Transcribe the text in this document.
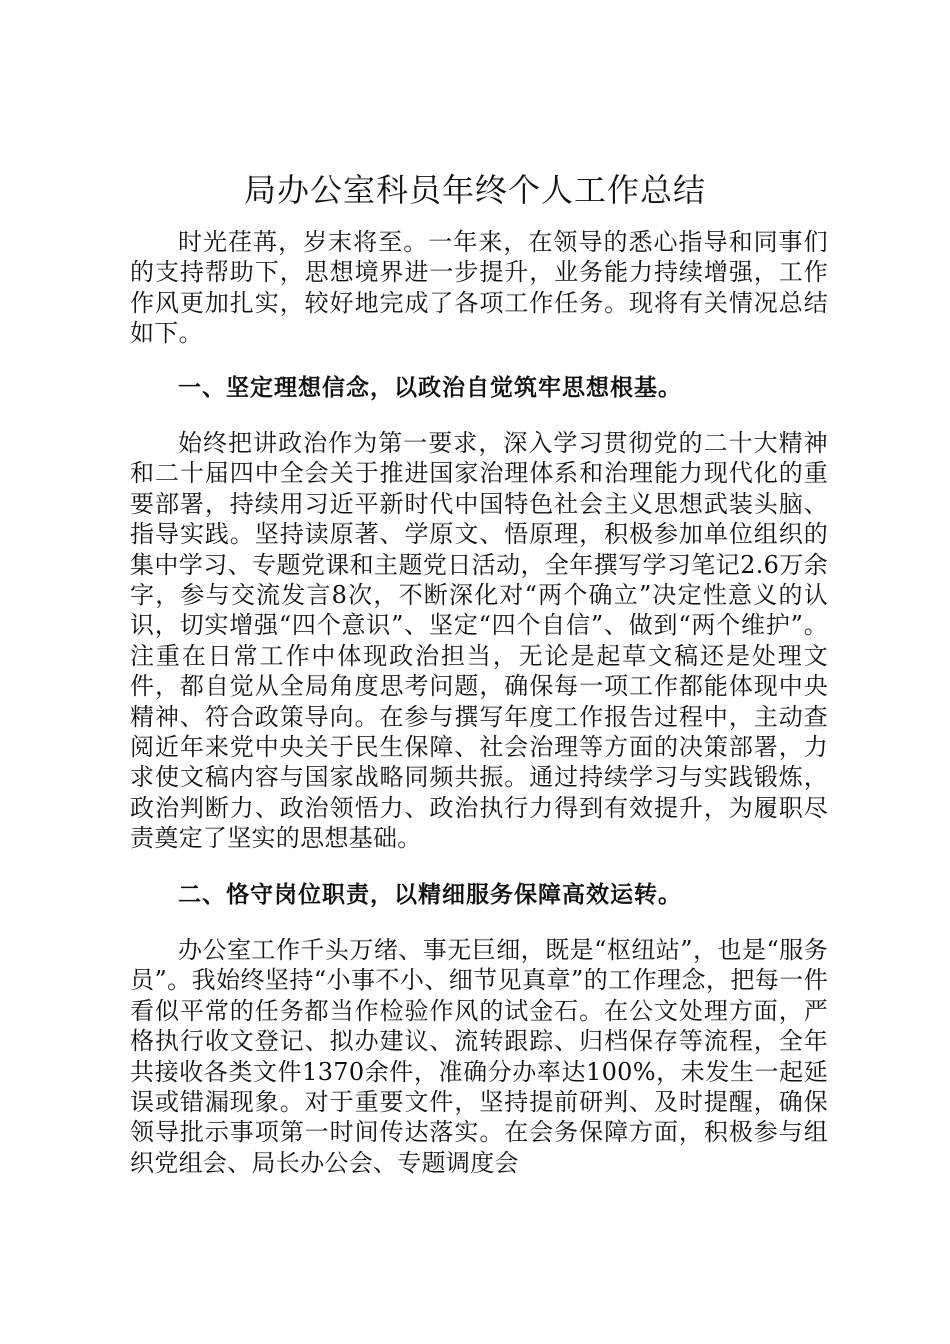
局办公室科员年终个人工作总结

时光荏苒，岁末将至。一年来，在领导的悉心指导和同事们的支持帮助下，思想境界进一步提升，业务能力持续增强，工作作风更加扎实，较好地完成了各项工作任务。现将有关情况总结如下。

一、坚定理想信念，以政治自觉筑牢思想根基。

始终把讲政治作为第一要求，深入学习贯彻党的二十大精神和二十届四中全会关于推进国家治理体系和治理能力现代化的重要部署，持续用习近平新时代中国特色社会主义思想武装头脑、指导实践。坚持读原著、学原文、悟原理，积极参加单位组织的集中学习、专题党课和主题党日活动，全年撰写学习笔记2.6万余字，参与交流发言8次，不断深化对“两个确立”决定性意义的认识，切实增强“四个意识”、坚定“四个自信”、做到“两个维护”。注重在日常工作中体现政治担当，无论是起草文稿还是处理文件，都自觉从全局角度思考问题，确保每一项工作都能体现中央精神、符合政策导向。在参与撰写年度工作报告过程中，主动查阅近年来党中央关于民生保障、社会治理等方面的决策部署，力求使文稿内容与国家战略同频共振。通过持续学习与实践锻炼，政治判断力、政治领悟力、政治执行力得到有效提升，为履职尽责奠定了坚实的思想基础。

二、恪守岗位职责，以精细服务保障高效运转。

办公室工作千头万绪、事无巨细，既是“枢纽站”，也是“服务员”。我始终坚持“小事不小、细节见真章”的工作理念，把每一件看似平常的任务都当作检验作风的试金石。在公文处理方面，严格执行收文登记、拟办建议、流转跟踪、归档保存等流程，全年共接收各类文件1370余件，准确分办率达100%，未发生一起延误或错漏现象。对于重要文件，坚持提前研判、及时提醒，确保领导批示事项第一时间传达落实。在会务保障方面，积极参与组织党组会、局长办公会、专题调度会
